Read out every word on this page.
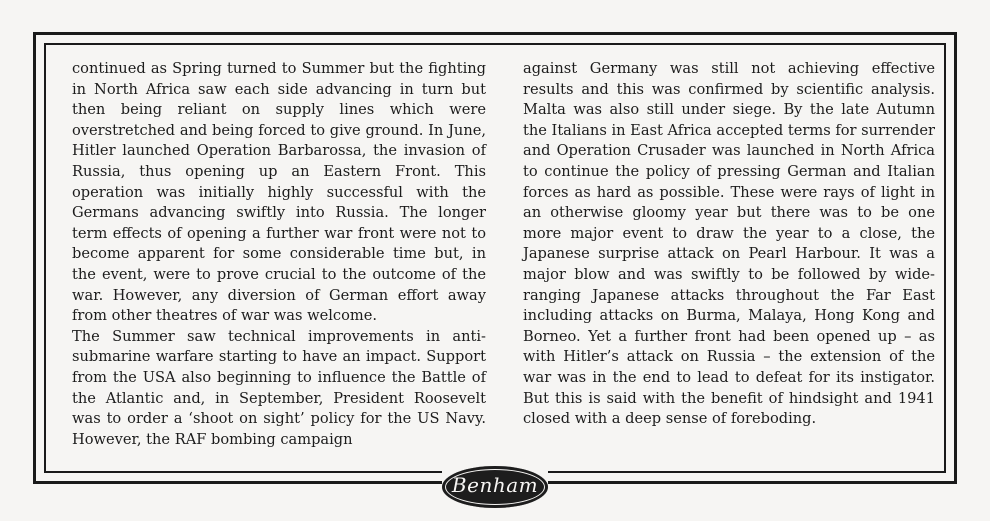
continued as Spring turned to Summer but the fighting in North Africa saw each side advancing in turn but then being reliant on supply lines which were overstretched and being forced to give ground. In June, Hitler launched Operation Barbarossa, the invasion of Russia, thus opening up an Eastern Front. This operation was initially highly successful with the Germans advancing swiftly into Russia. The longer term effects of opening a further war front were not to become apparent for some considerable time but, in the event, were to prove crucial to the outcome of the war. However, any diversion of German effort away from other theatres of war was welcome.

The Summer saw technical improvements in anti-submarine warfare starting to have an impact. Support from the USA also beginning to influence the Battle of the Atlantic and, in September, President Roosevelt was to order a ‘shoot on sight’ policy for the US Navy. However, the RAF bombing campaign

against Germany was still not achieving effective results and this was confirmed by scientific analysis. Malta was also still under siege. By the late Autumn the Italians in East Africa accepted terms for surrender and Operation Crusader was launched in North Africa to continue the policy of pressing German and Italian forces as hard as possible. These were rays of light in an otherwise gloomy year but there was to be one more major event to draw the year to a close, the Japanese surprise attack on Pearl Harbour. It was a major blow and was swiftly to be followed by wide-ranging Japanese attacks throughout the Far East including attacks on Burma, Malaya, Hong Kong and Borneo. Yet a further front had been opened up – as with Hitler’s attack on Russia – the extension of the war was in the end to lead to defeat for its instigator. But this is said with the benefit of hindsight and 1941 closed with a deep sense of foreboding.

Benham
